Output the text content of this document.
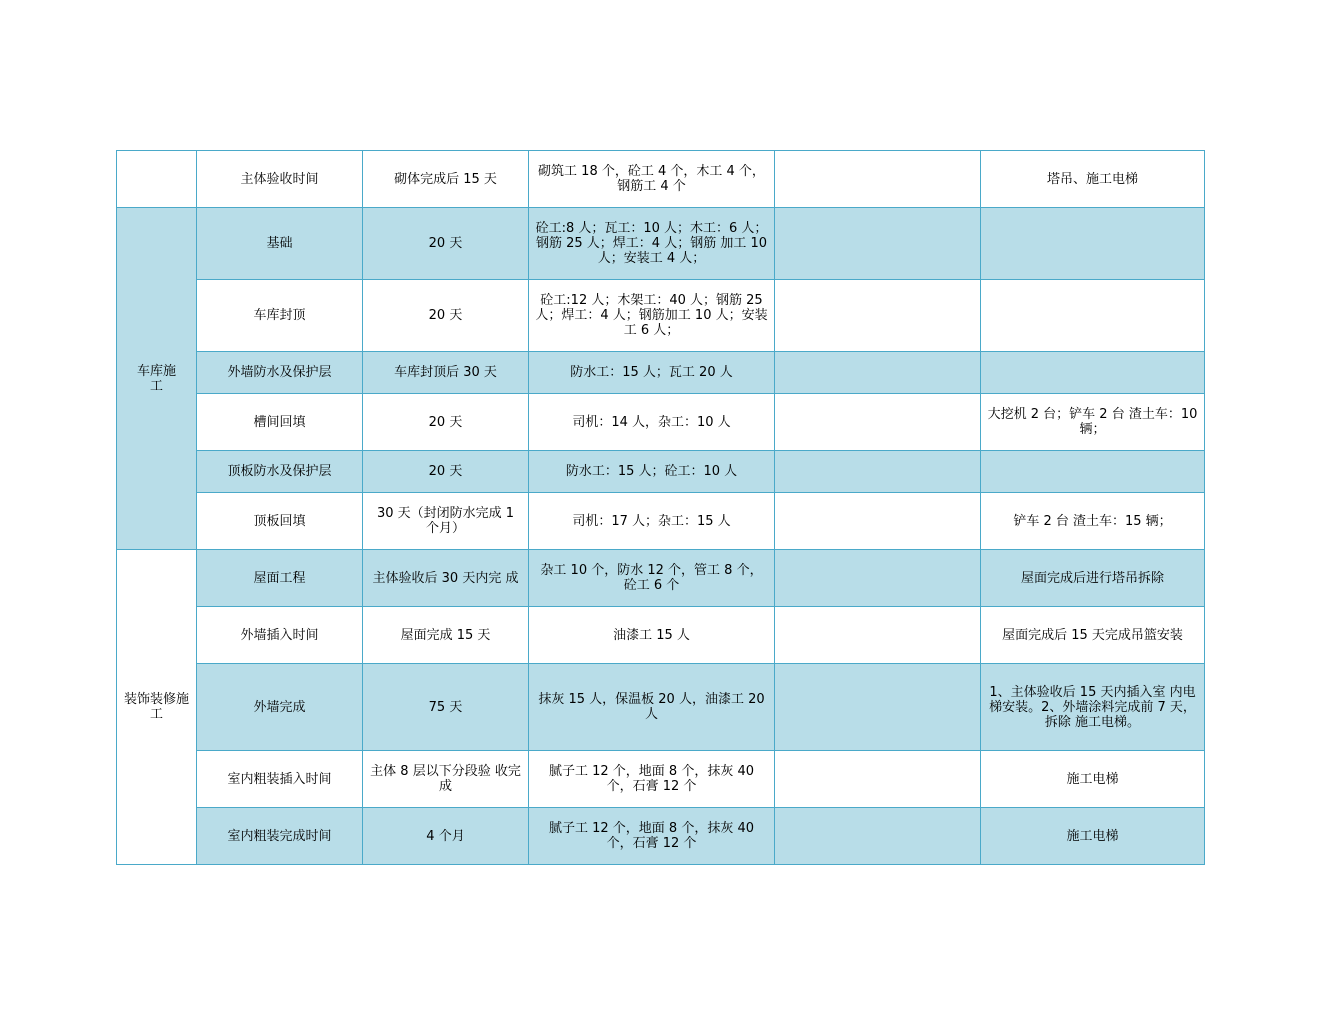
	主体验收时间	砌体完成后 15 天	砌筑工 18 个，砼工 4 个，木工 4 个，钢筋工 4 个		塔吊、施工电梯
车库施工	基础	20 天	砼工:8 人；瓦工：10 人；木工：6 人；钢筋 25 人；焊工：4 人；钢筋 加工 10 人；安装工 4 人；		
	车库封顶	20 天	砼工:12 人；木架工：40 人；钢筋 25 人；焊工：4 人；钢筋加工 10 人；安装工 6 人；		
	外墙防水及保护层	车库封顶后 30 天	防水工：15 人；瓦工 20 人		
	槽间回填	20 天	司机：14 人，杂工：10 人		大挖机 2 台；铲车 2 台 渣土车：10 辆；
	顶板防水及保护层	20 天	防水工：15 人；砼工：10 人		
	顶板回填	30 天（封闭防水完成 1 个月）	司机：17 人；杂工：15 人		铲车 2 台 渣土车：15 辆；
装饰装修施工	屋面工程	主体验收后 30 天内完 成	杂工 10 个，防水 12 个，管工 8 个，砼工 6 个		屋面完成后进行塔吊拆除
	外墙插入时间	屋面完成 15 天	油漆工 15 人		屋面完成后 15 天完成吊篮安装
	外墙完成	75 天	抹灰 15 人，保温板 20 人，油漆工 20 人		1、主体验收后 15 天内插入室 内电梯安装。2、外墙涂料完成前 7 天，拆除 施工电梯。
	室内粗装插入时间	主体 8 层以下分段验 收完成	腻子工 12 个，地面 8 个，抹灰 40 个，石膏 12 个		施工电梯
	室内粗装完成时间	4 个月	腻子工 12 个，地面 8 个，抹灰 40 个，石膏 12 个		施工电梯
